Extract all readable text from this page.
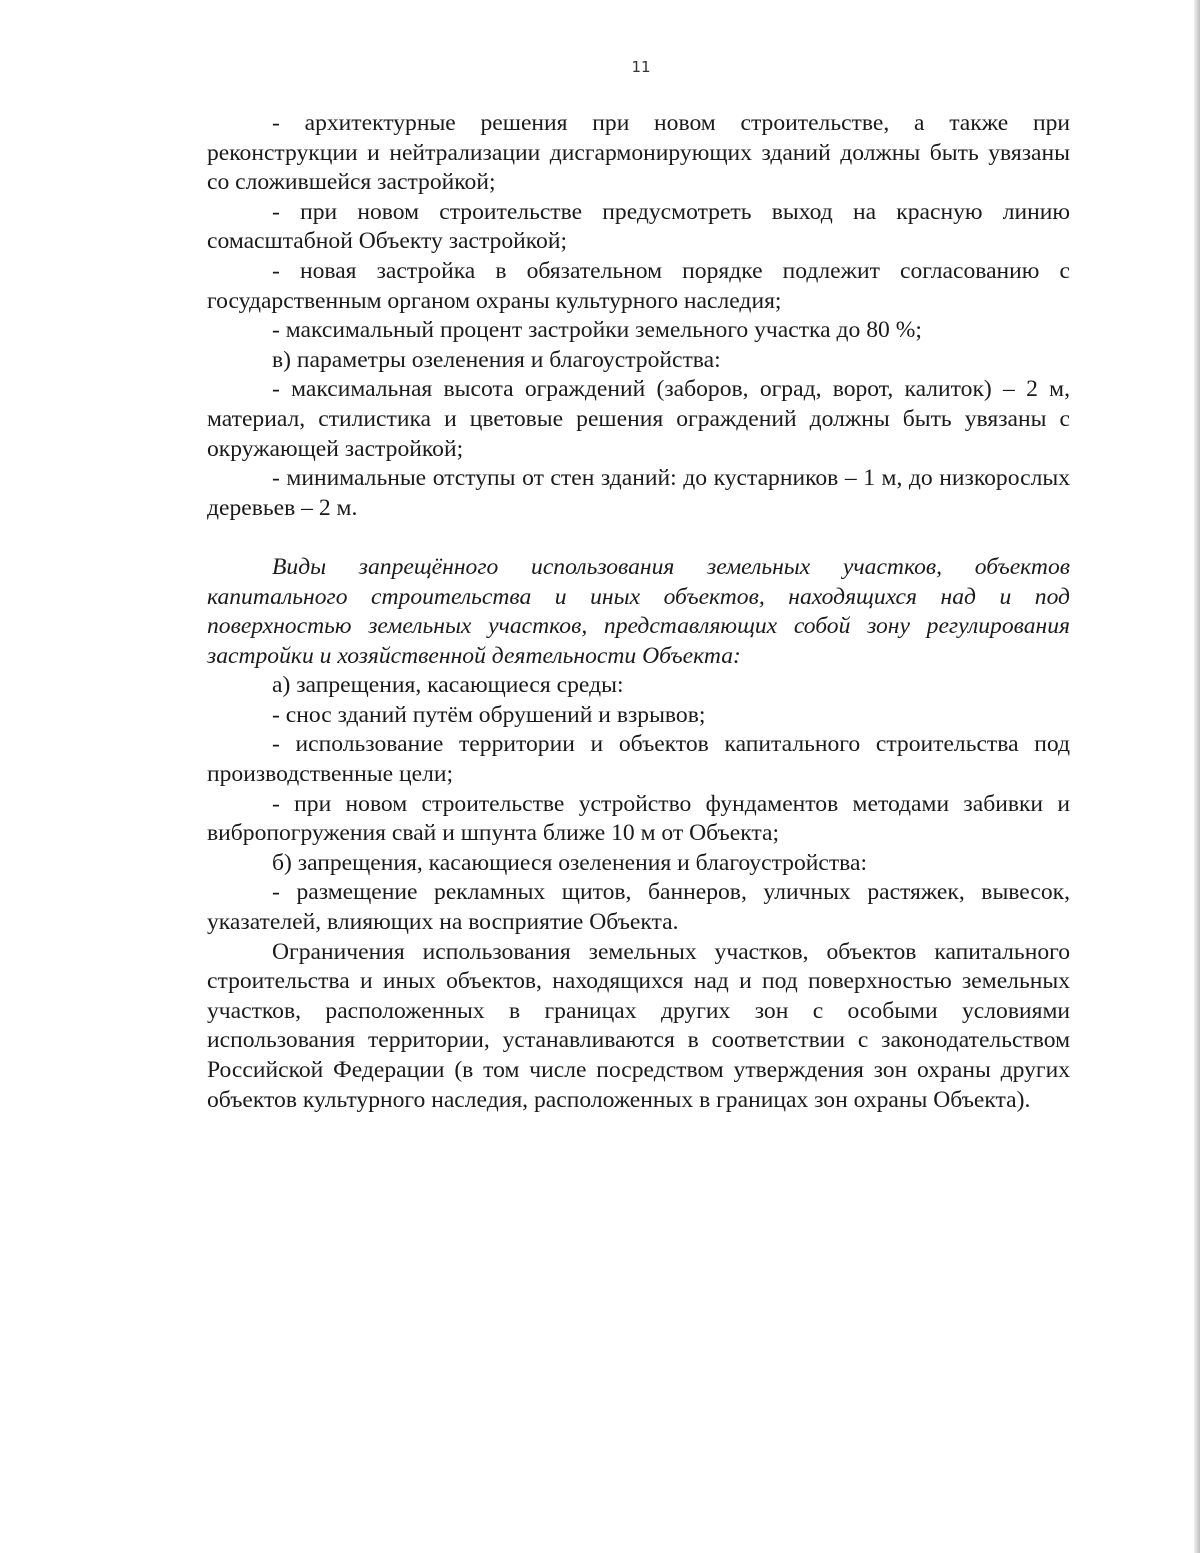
11

- архитектурные решения при новом строительстве, а также при реконструкции и нейтрализации дисгармонирующих зданий должны быть увязаны со сложившейся застройкой;

- при новом строительстве предусмотреть выход на красную линию сомасштабной Объекту застройкой;

- новая застройка в обязательном порядке подлежит согласованию с государственным органом охраны культурного наследия;

- максимальный процент застройки земельного участка до 80 %;

в) параметры озеленения и благоустройства:

- максимальная высота ограждений (заборов, оград, ворот, калиток) – 2 м, материал, стилистика и цветовые решения ограждений должны быть увязаны с окружающей застройкой;

- минимальные отступы от стен зданий: до кустарников – 1 м, до низкорослых деревьев – 2 м.

Виды запрещённого использования земельных участков, объектов капитального строительства и иных объектов, находящихся над и под поверхностью земельных участков, представляющих собой зону регулирования застройки и хозяйственной деятельности Объекта:

а) запрещения, касающиеся среды:

- снос зданий путём обрушений и взрывов;

- использование территории и объектов капитального строительства под производственные цели;

- при новом строительстве устройство фундаментов методами забивки и вибропогружения свай и шпунта ближе 10 м от Объекта;

б) запрещения, касающиеся озеленения и благоустройства:

- размещение рекламных щитов, баннеров, уличных растяжек, вывесок, указателей, влияющих на восприятие Объекта.

Ограничения использования земельных участков, объектов капитального строительства и иных объектов, находящихся над и под поверхностью земельных участков, расположенных в границах других зон с особыми условиями использования территории, устанавливаются в соответствии с законодательством Российской Федерации (в том числе посредством утверждения зон охраны других объектов культурного наследия, расположенных в границах зон охраны Объекта).
